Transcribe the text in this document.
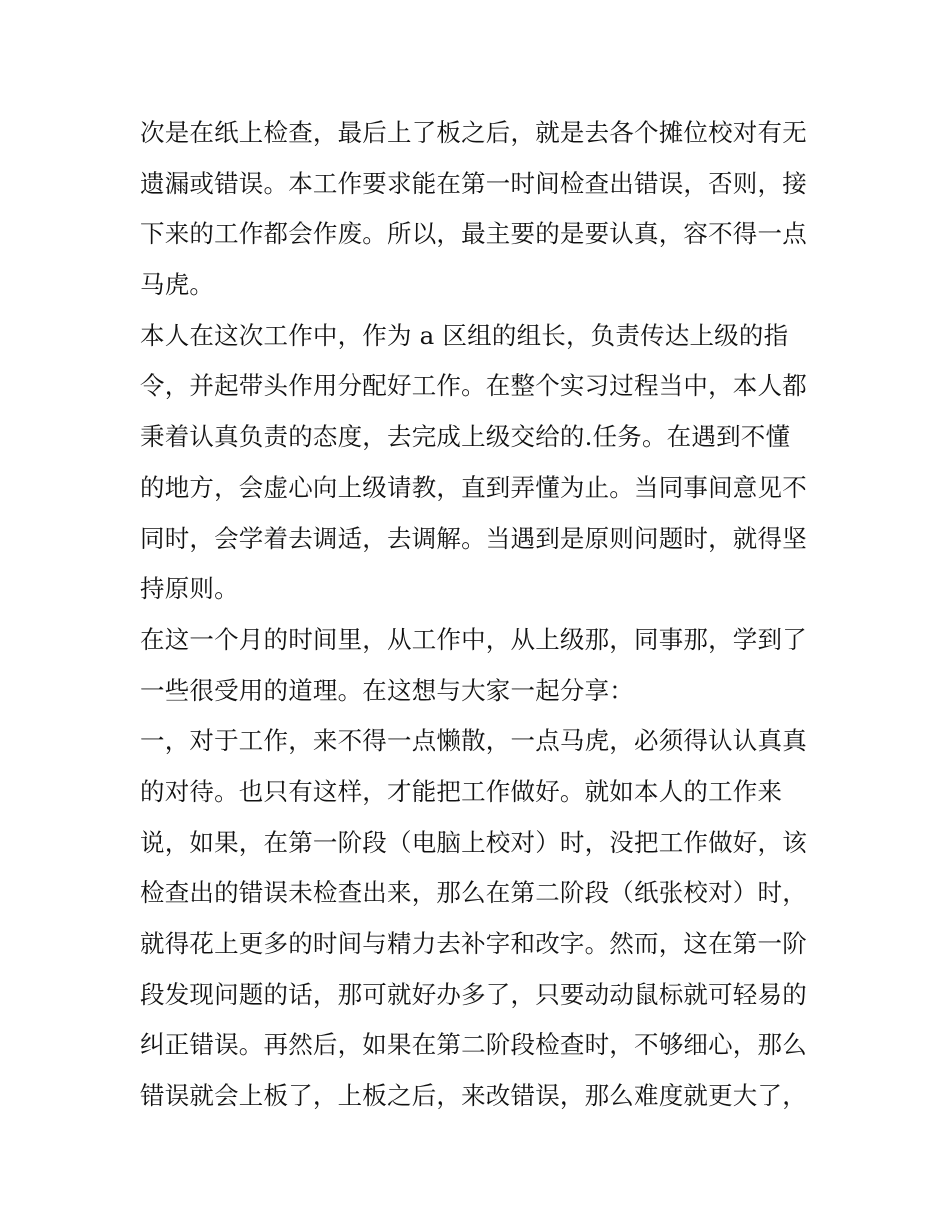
次是在纸上检查，最后上了板之后，就是去各个摊位校对有无
遗漏或错误。本工作要求能在第一时间检查出错误，否则，接
下来的工作都会作废。所以，最主要的是要认真，容不得一点
马虎。
本人在这次工作中，作为 a 区组的组长，负责传达上级的指
令，并起带头作用分配好工作。在整个实习过程当中，本人都
秉着认真负责的态度，去完成上级交给的.任务。在遇到不懂
的地方，会虚心向上级请教，直到弄懂为止。当同事间意见不
同时，会学着去调适，去调解。当遇到是原则问题时，就得坚
持原则。
在这一个月的时间里，从工作中，从上级那，同事那，学到了
一些很受用的道理。在这想与大家一起分享：
一，对于工作，来不得一点懒散，一点马虎，必须得认认真真
的对待。也只有这样，才能把工作做好。就如本人的工作来
说，如果，在第一阶段（电脑上校对）时，没把工作做好，该
检查出的错误未检查出来，那么在第二阶段（纸张校对）时，
就得花上更多的时间与精力去补字和改字。然而，这在第一阶
段发现问题的话，那可就好办多了，只要动动鼠标就可轻易的
纠正错误。再然后，如果在第二阶段检查时，不够细心，那么
错误就会上板了，上板之后，来改错误，那么难度就更大了，
